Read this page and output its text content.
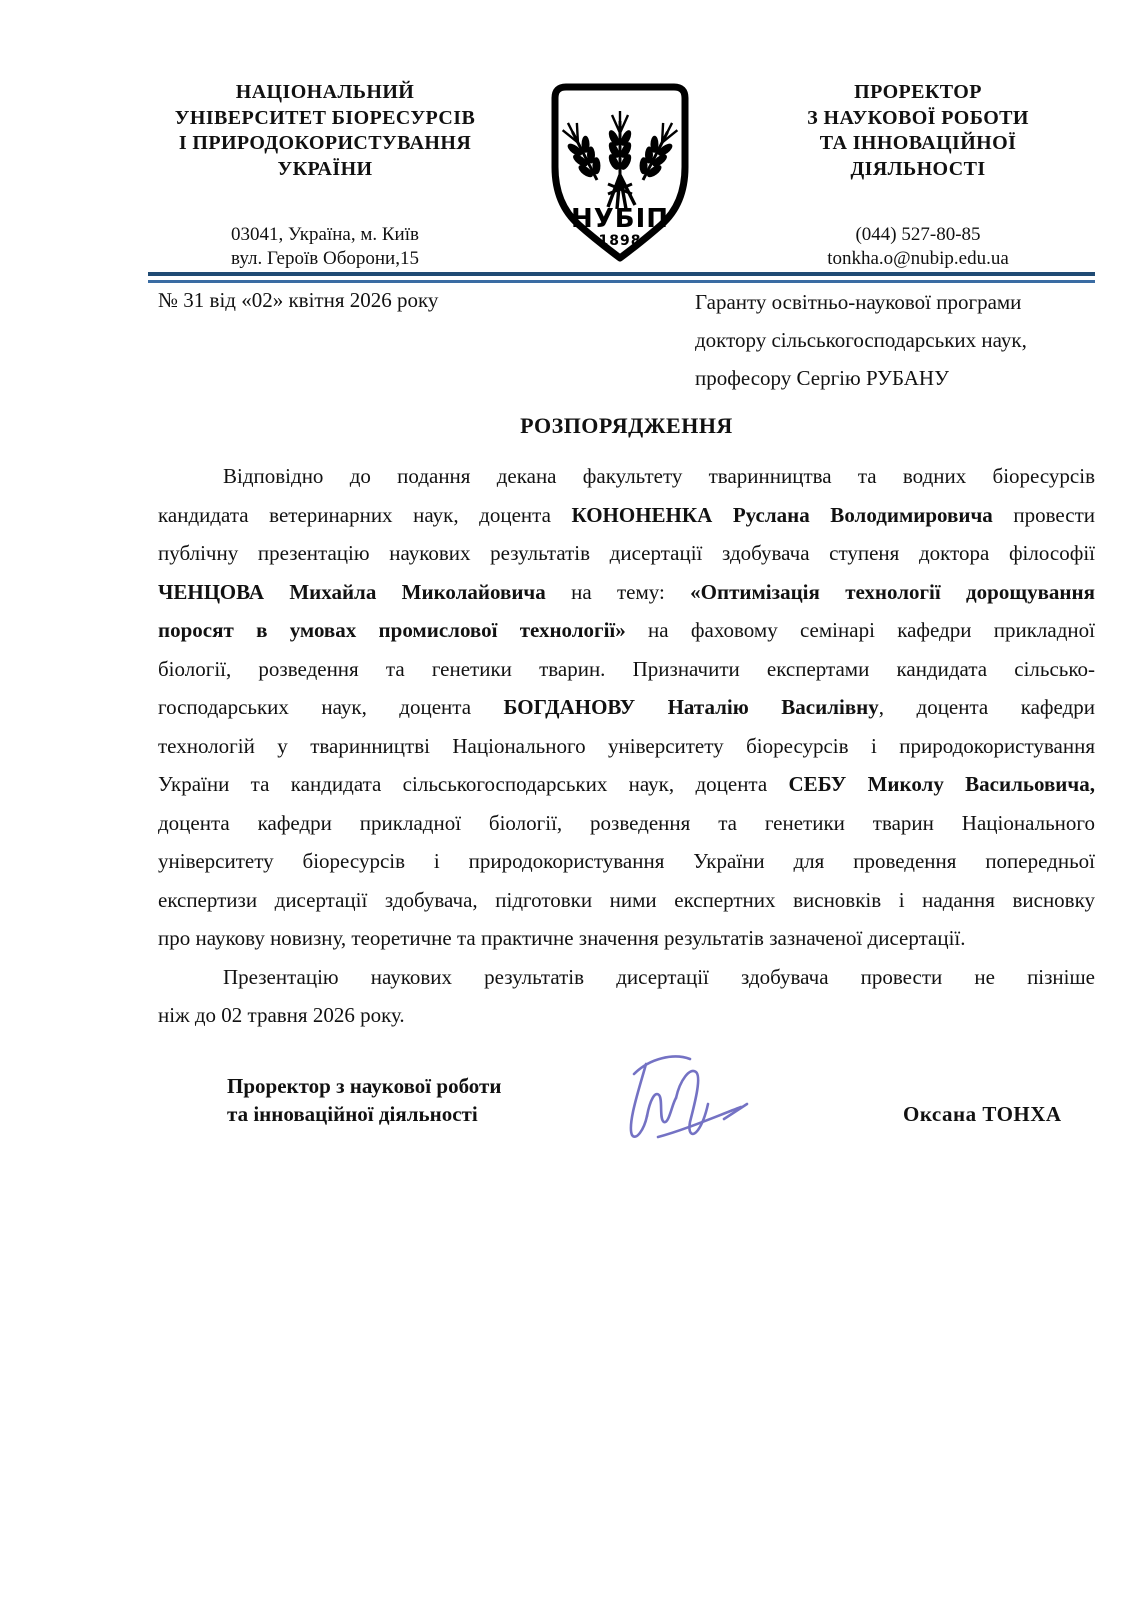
НАЦІОНАЛЬНИЙ
УНІВЕРСИТЕТ БІОРЕСУРСІВ
І ПРИРОДОКОРИСТУВАННЯ
УКРАЇНИ
ПРОРЕКТОР
З НАУКОВОЇ РОБОТИ
ТА ІННОВАЦІЙНОЇ
ДІЯЛЬНОСТІ
03041, Україна, м. Київ
вул. Героїв Оборони,15
(044) 527-80-85
tonkha.o@nubip.edu.ua
НУБІП
1898
№ 31 від «02» квітня 2026 року	Гаранту освітньо-наукової програми
доктору сільськогосподарських наук,
професору Сергію РУБАНУ
РОЗПОРЯДЖЕННЯ
Відповідно до подання декана факультету тваринництва та водних біоресурсів
кандидата ветеринарних наук, доцента КОНОНЕНКА Руслана Володимировича провести
публічну презентацію наукових результатів дисертації здобувача ступеня доктора філософії
ЧЕНЦОВА Михайла Миколайовича на тему: «Оптимізація технології дорощування
поросят в умовах промислової технології» на фаховому семінарі кафедри прикладної
біології, розведення та генетики тварин. Призначити експертами кандидата сільсько-
господарських наук, доцента БОГДАНОВУ Наталію Василівну, доцента кафедри
технологій у тваринництві Національного університету біоресурсів і природокористування
України та кандидата сільськогосподарських наук, доцента СЕБУ Миколу Васильовича,
доцента кафедри прикладної біології, розведення та генетики тварин Національного
університету біоресурсів і природокористування України для проведення попередньої
експертизи дисертації здобувача, підготовки ними експертних висновків і надання висновку
про наукову новизну, теоретичне та практичне значення результатів зазначеної дисертації.
Презентацію наукових результатів дисертації здобувача провести не пізніше
ніж до 02 травня 2026 року.
Проректор з наукової роботи
та інноваційної діяльності	Оксана ТОНХА
